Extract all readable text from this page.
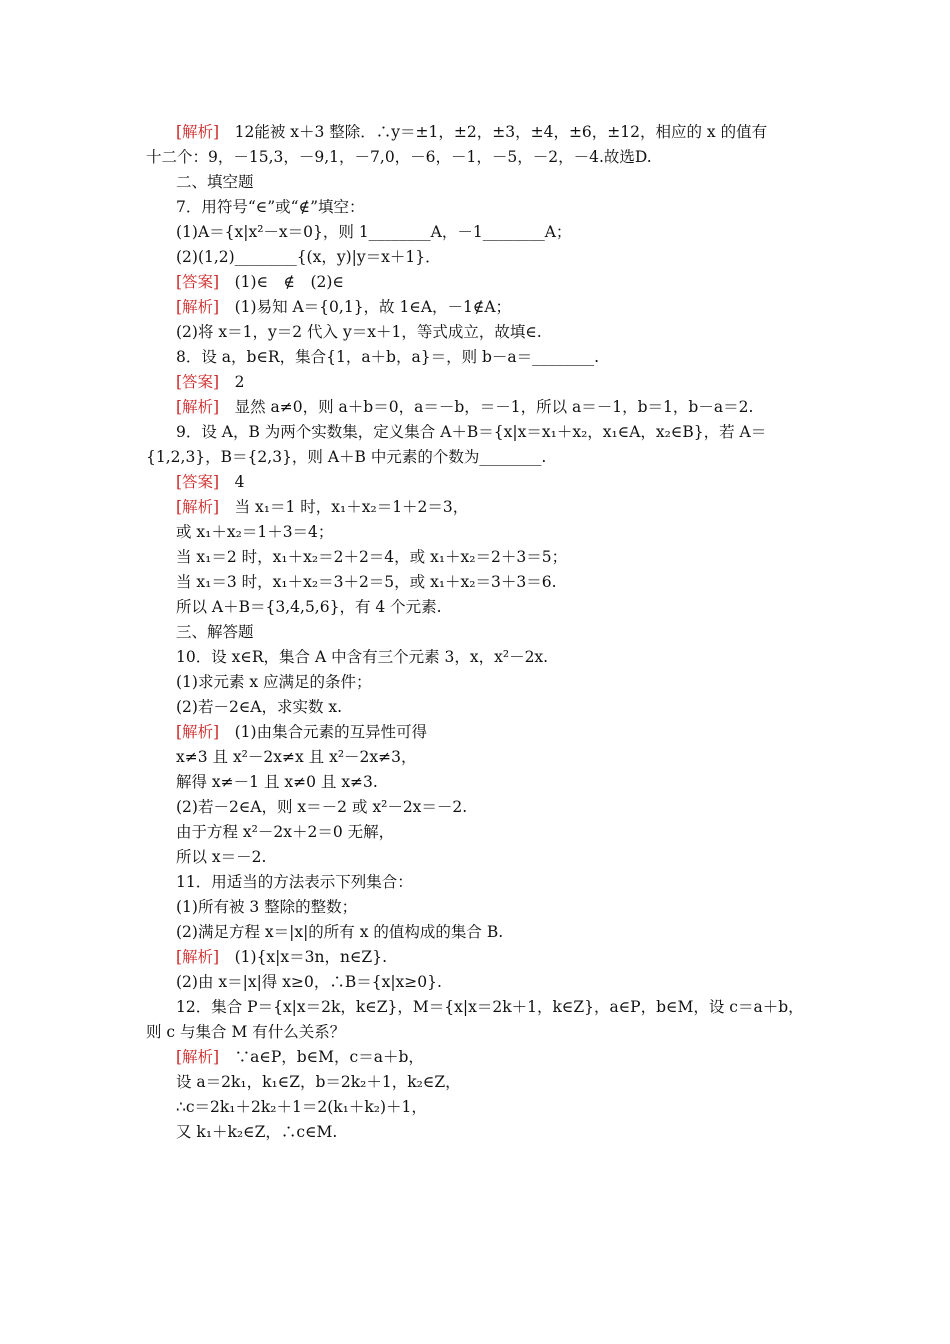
[解析]　12能被 x＋3 整除．∴y＝±1，±2，±3，±4，±6，±12，相应的 x 的值有
十二个：9，－15,3，－9,1，－7,0，－6，－1，－5，－2，－4.故选D.
二、填空题
7．用符号“∈”或“∉”填空：
(1)A＝{x|x²－x＝0}，则 1________A，－1________A；
(2)(1,2)________{(x，y)|y＝x＋1}．
[答案]　(1)∈　∉　(2)∈
[解析]　(1)易知 A＝{0,1}，故 1∈A，－1∉A；
(2)将 x＝1，y＝2 代入 y＝x＋1，等式成立，故填∈.
8．设 a，b∈R，集合{1，a＋b，a}＝，则 b－a＝________.
[答案]　2
[解析]　显然 a≠0，则 a＋b＝0，a＝－b，＝－1，所以 a＝－1，b＝1，b－a＝2.
9．设 A，B 为两个实数集，定义集合 A＋B＝{x|x＝x₁＋x₂，x₁∈A，x₂∈B}，若 A＝
{1,2,3}，B＝{2,3}，则 A＋B 中元素的个数为________.
[答案]　4
[解析]　当 x₁＝1 时，x₁＋x₂＝1＋2＝3，
或 x₁＋x₂＝1＋3＝4；
当 x₁＝2 时，x₁＋x₂＝2＋2＝4，或 x₁＋x₂＝2＋3＝5；
当 x₁＝3 时，x₁＋x₂＝3＋2＝5，或 x₁＋x₂＝3＋3＝6.
所以 A＋B＝{3,4,5,6}，有 4 个元素.
三、解答题
10．设 x∈R，集合 A 中含有三个元素 3，x，x²－2x.
(1)求元素 x 应满足的条件；
(2)若－2∈A，求实数 x.
[解析]　(1)由集合元素的互异性可得
x≠3 且 x²－2x≠x 且 x²－2x≠3，
解得 x≠－1 且 x≠0 且 x≠3.
(2)若－2∈A，则 x＝－2 或 x²－2x＝－2.
由于方程 x²－2x＋2＝0 无解，
所以 x＝－2.
11．用适当的方法表示下列集合：
(1)所有被 3 整除的整数；
(2)满足方程 x＝|x|的所有 x 的值构成的集合 B.
[解析]　(1){x|x＝3n，n∈Z}.
(2)由 x＝|x|得 x≥0，∴B＝{x|x≥0}.
12．集合 P＝{x|x＝2k，k∈Z}，M＝{x|x＝2k＋1，k∈Z}，a∈P，b∈M，设 c＝a＋b，
则 c 与集合 M 有什么关系？
[解析]　∵a∈P，b∈M，c＝a＋b，
设 a＝2k₁，k₁∈Z，b＝2k₂＋1，k₂∈Z，
∴c＝2k₁＋2k₂＋1＝2(k₁＋k₂)＋1，
又 k₁＋k₂∈Z，∴c∈M.
